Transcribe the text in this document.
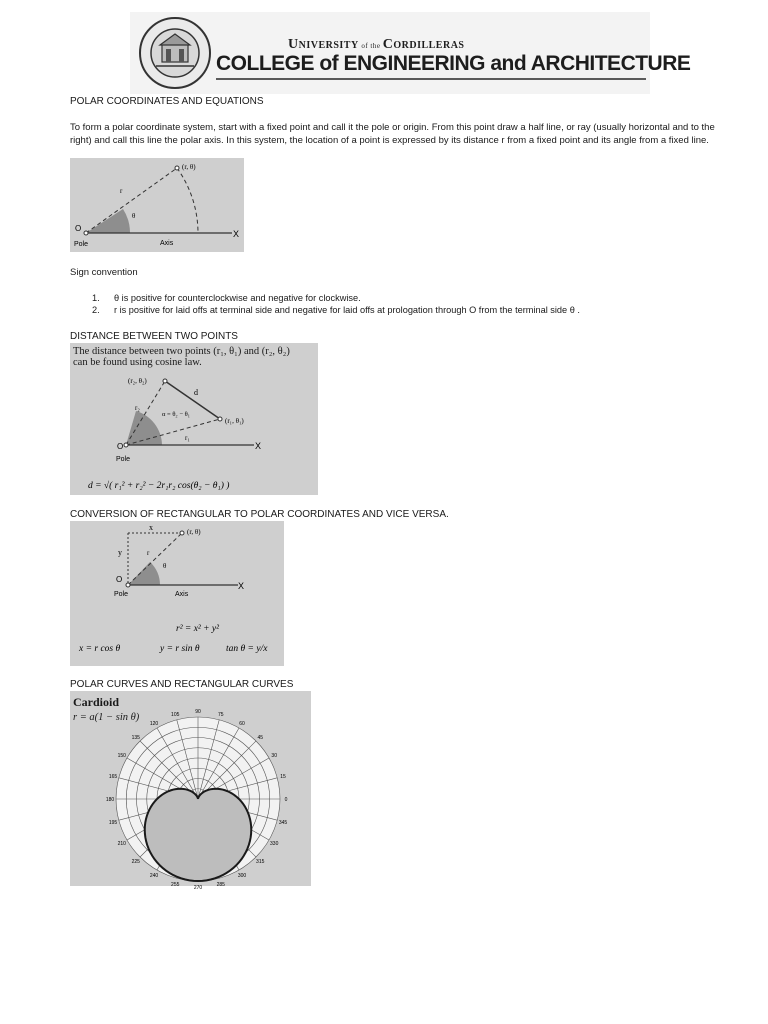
UNIVERSITY of the CORDILLERAS
COLLEGE of ENGINEERING and ARCHITECTURE
POLAR COORDINATES AND EQUATIONS
To form a polar coordinate system, start with a fixed point and call it the pole or origin. From this point draw a half line, or ray (usually horizontal and to the
right) and call this line the polar axis. In this system, the location of a point is expressed by its distance r from a fixed point and its angle from a fixed line.
(r, θ)
r
θ
O
X
Pole	Axis
Sign convention
1. θ is positive for counterclockwise and negative for clockwise.
2. r is positive for laid offs at terminal side and negative for laid offs at prologation through O from the terminal side θ .
DISTANCE BETWEEN TWO POINTS
The distance between two points (r₁, θ₁) and (r₂, θ₂)
can be found using cosine law.
(r₂, θ₂)
(r₁, θ₁)
d
r₂
r₁
α = θ₂ − θ₁
O	X
Pole
d = √( r₁² + r₂² − 2r₁r₂ cos(θ₂ − θ₁) )
CONVERSION OF RECTANGULAR TO POLAR COORDINATES AND VICE VERSA.
x	(r, θ)
y	r
θ
O
X
Pole	Axis
r² = x² + y²
x = r cos θ	y = r sin θ	tan θ = y/x
POLAR CURVES AND RECTANGULAR CURVES
Cardioid
r = a(1 − sin θ)
0
15
30
45
60
75
90
105
120
135
150
165
180
195
210
225
240
255	270	285
300
315
330
345
